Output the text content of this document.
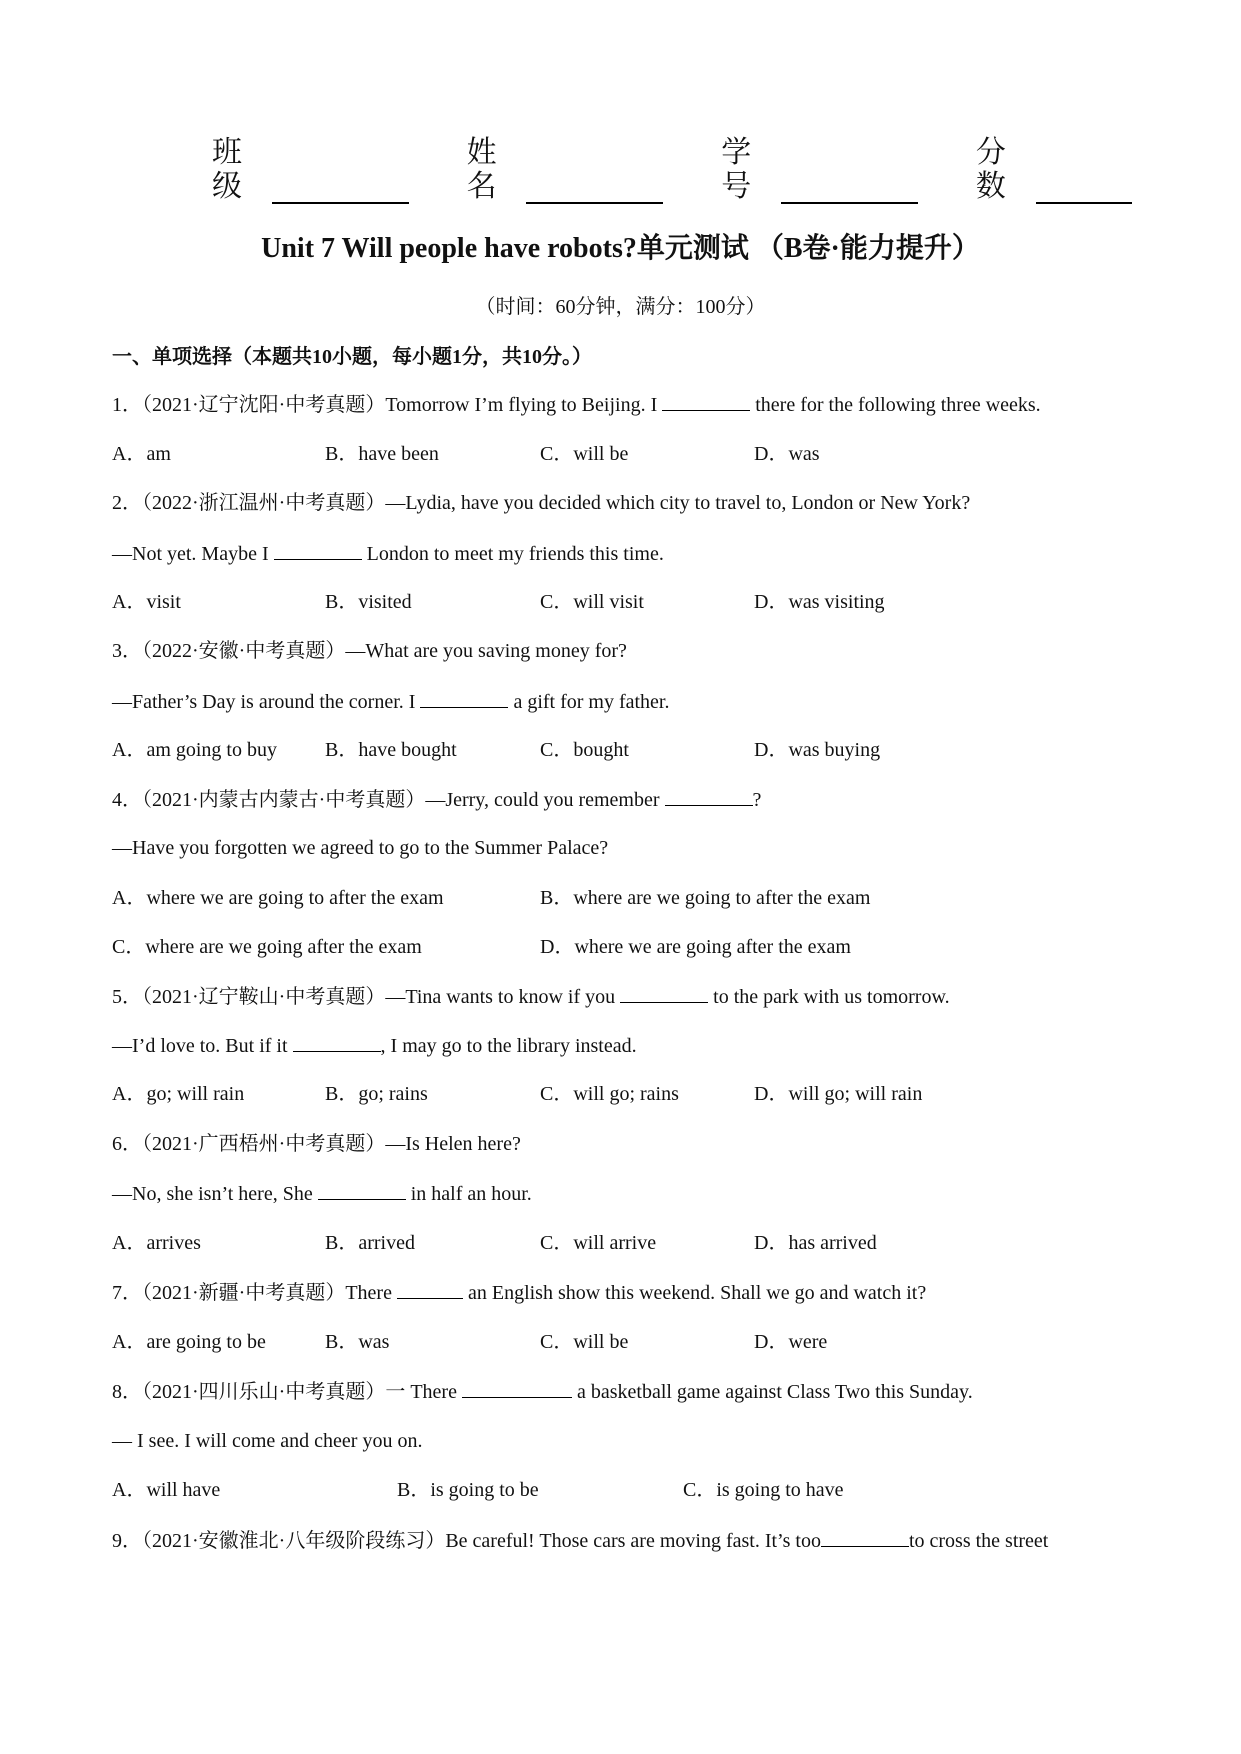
班级
姓名
学号
分数
Unit 7 Will people have robots?单元测试 （B卷·能力提升）
（时间：60分钟，满分：100分）
一、单项选择（本题共10小题，每小题1分，共10分。）
1．（2021·辽宁沈阳·中考真题）Tomorrow I’m flying to Beijing. I	there for the following three weeks.
A．am	B．have been	C．will be	D．was
2．（2022·浙江温州·中考真题）—Lydia, have you decided which city to travel to, London or New York?
—Not yet. Maybe I	London to meet my friends this time.
A．visit	B．visited	C．will visit	D．was visiting
3．（2022·安徽·中考真题）—What are you saving money for?
—Father’s Day is around the corner. I	a gift for my father.
A．am going to buy B．have bought	C．bought	D．was buying
4．（2021·内蒙古内蒙古·中考真题）—Jerry, could you remember	?
—Have you forgotten we agreed to go to the Summer Palace?
A．where we are going to after the exam	B．where are we going to after the exam
C．where are we going after the exam	D．where we are going after the exam
5．（2021·辽宁鞍山·中考真题）—Tina wants to know if you	to the park with us tomorrow.
—I’d love to. But if it	, I may go to the library instead.
A．go; will rain	B．go; rains	C．will go; rains	D．will go; will rain
6．（2021·广西梧州·中考真题）—Is Helen here?
—No, she isn’t here, She	in half an hour.
A．arrives	B．arrived	C．will arrive	D．has arrived
7．（2021·新疆·中考真题）There	an English show this weekend. Shall we go and watch it?
A．are going to be	B．was	C．will be	D．were
8．（2021·四川乐山·中考真题）一 There	a basketball game against Class Two this Sunday.
— I see. I will come and cheer you on.
A．will have	B．is going to be	C．is going to have
9．（2021·安徽淮北·八年级阶段练习）Be careful! Those cars are moving fast. It’s too	to cross the street
